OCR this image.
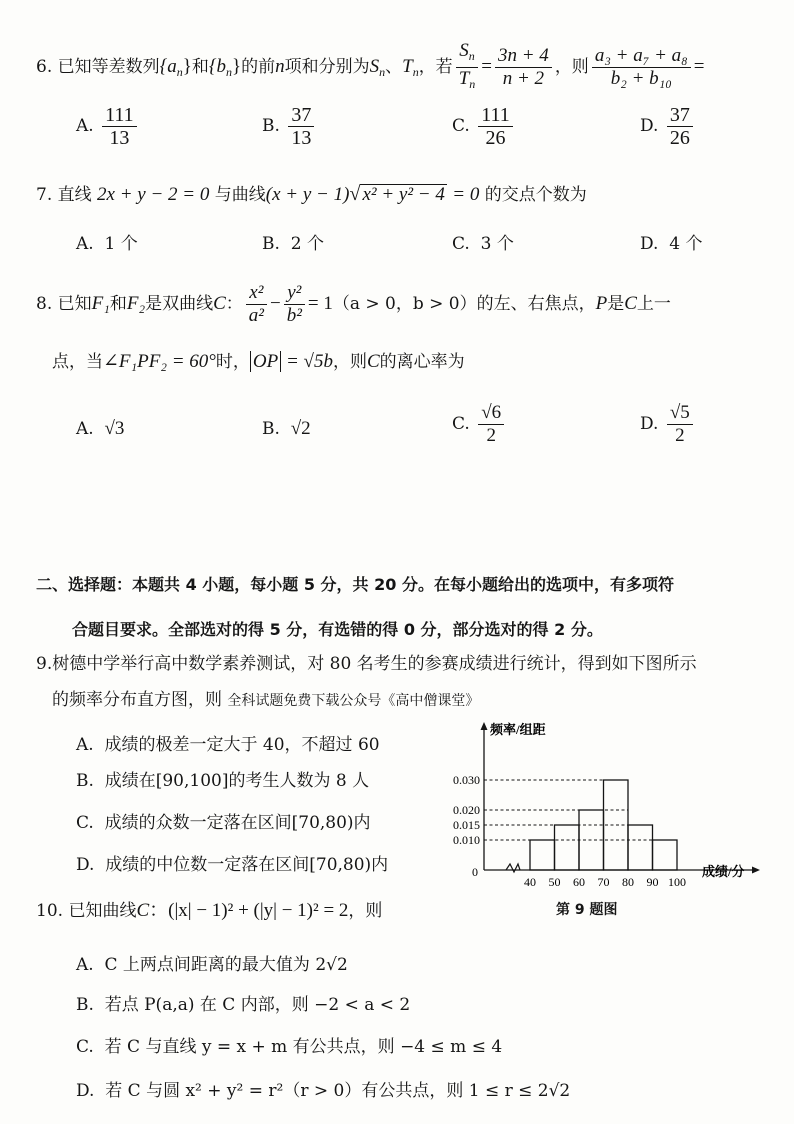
6. 已知等差数列$\{a_n\}$和$\{b_n\}$的前n项和分别为$S_n$、$T_n$，若 $\frac{S_n}{T_n} = \frac{3n + 4}{n + 2}$ ，则 $\frac{\text{a₃ + a₇ + a₈}}{\text{b₂ + b₁₀}}$ =
A. $\frac{111}{13}$	B. $\frac{37}{13}$	C. $\frac{111}{26}$	D. $\frac{37}{26}$
7. 直线 2x + y − 2 = 0 与曲线(x + y − 1)√ x² + y² − 4 = 0 的交点个数为
A. 1 个	B. 2 个	C. 3 个	D. 4 个
8. 已知F₁和F₂是双曲线C： $\frac{\text{x²}}{\text{a²}} - \frac{\text{y²}}{\text{b²}} = 1(a > 0$，b > 0）的左、右焦点，P是C上一
点，当∠F₁PF₂ = 60°时， OP = √5b，则C的离心率为
A. √3	B. √2	C. $\frac{√6}{2}$	D. $\frac{√5}{2}$
二、选择题：本题共 4 小题，每小题 5 分，共 20 分。在每小题给出的选项中，有多项符
合题目要求。全部选对的得 5 分，有选错的得 0 分，部分选对的得 2 分。
9.树德中学举行高中数学素养测试，对 80 名考生的参赛成绩进行统计，得到如下图所示
的频率分布直方图，则 全科试题免费下载公众号《高中僧课堂》
A. 成绩的极差一定大于 40，不超过 60
B. 成绩在[90,100]的考生人数为 8 人
C. 成绩的众数一定落在区间[70,80)内
D. 成绩的中位数一定落在区间[70,80)内
频率/组距
成绩/分
0
0.010
0.015
0.020
0.030
40 50 60 70 80 90 100
第 9 题图
10. 已知曲线C：(|x| − 1)² + (|y| − 1)² = 2，则
A. C 上两点间距离的最大值为 2√2
B. 若点 P(a,a) 在 C 内部，则 −2 < a < 2
C. 若 C 与直线 y = x + m 有公共点，则 −4 ≤ m ≤ 4
D. 若 C 与圆 x² + y² = r²（r > 0）有公共点，则 1 ≤ r ≤ 2√2
